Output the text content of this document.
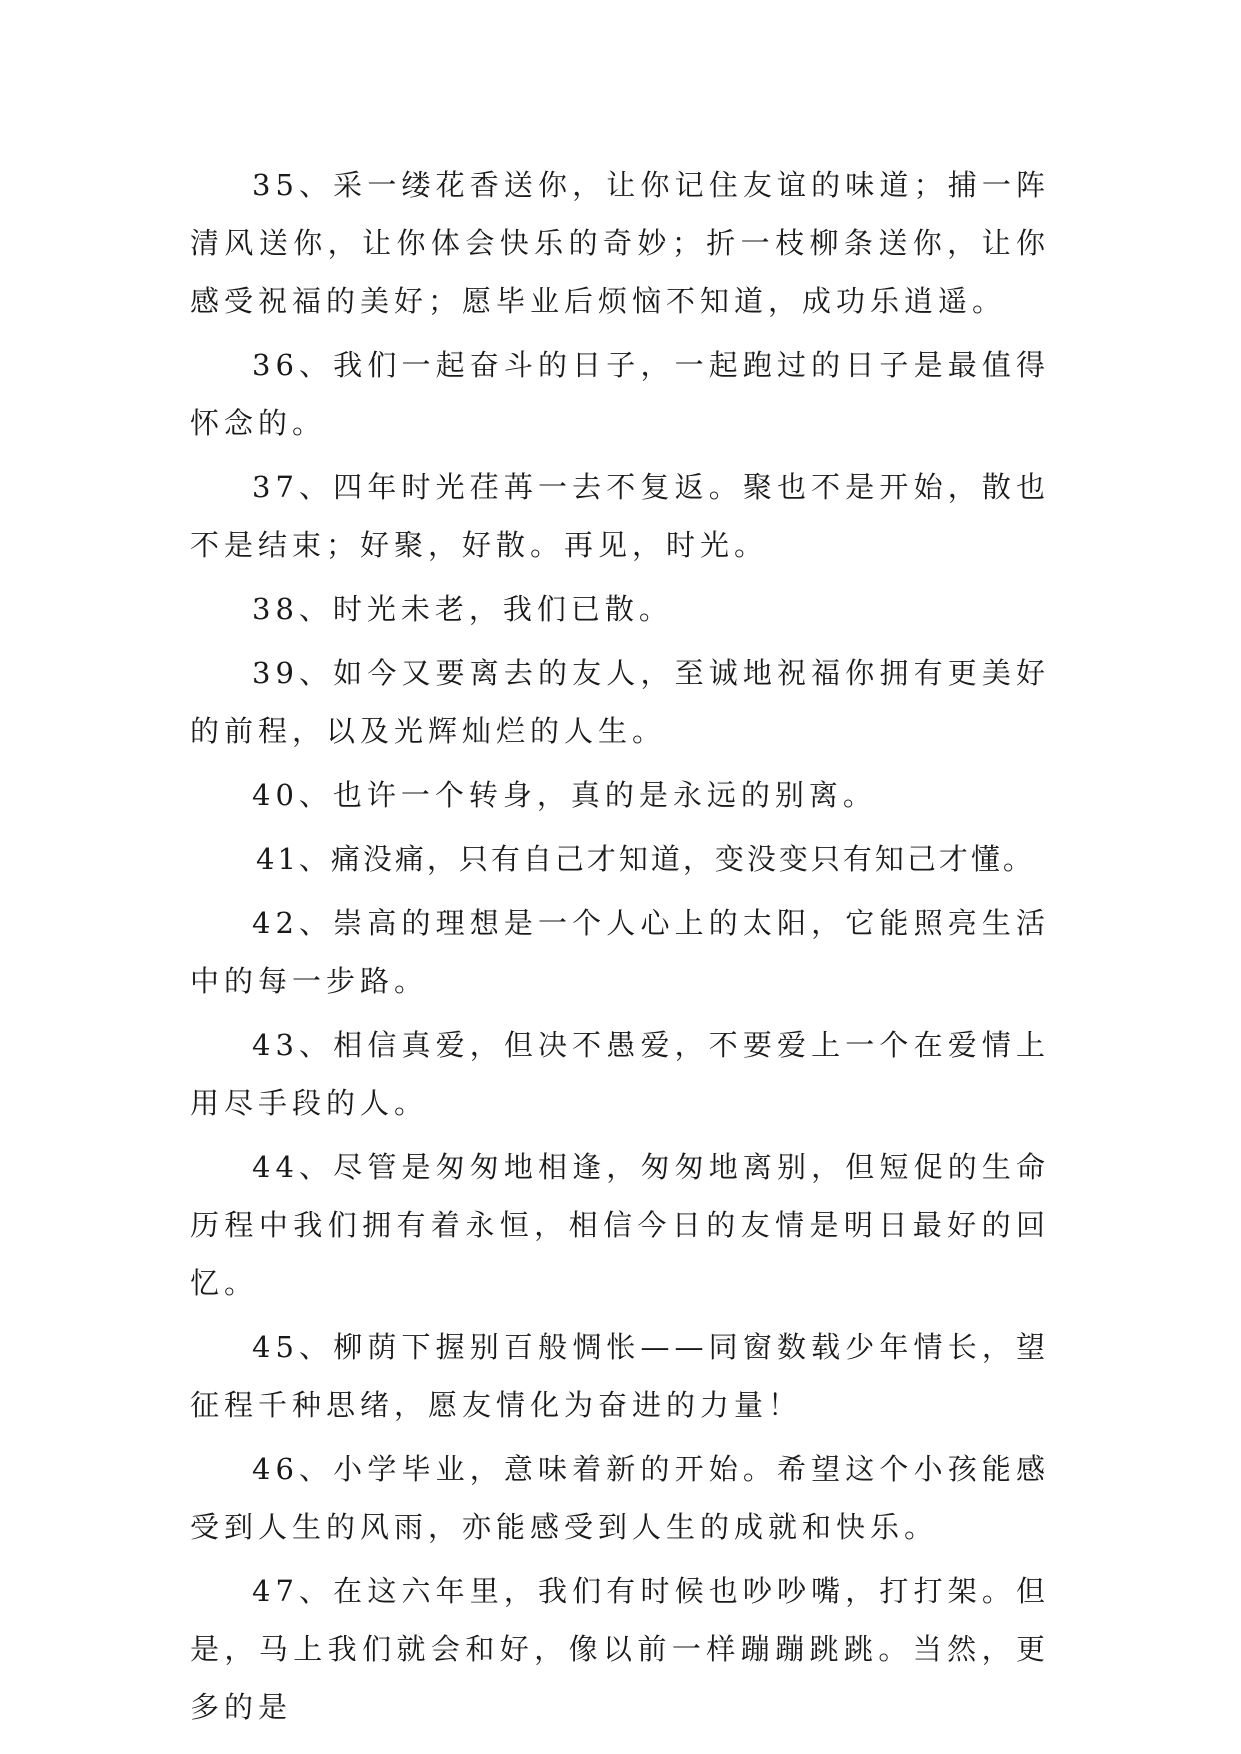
35、采一缕花香送你，让你记住友谊的味道；捕一阵清风送你，让你体会快乐的奇妙；折一枝柳条送你，让你感受祝福的美好；愿毕业后烦恼不知道，成功乐逍遥。

36、我们一起奋斗的日子，一起跑过的日子是最值得怀念的。

37、四年时光荏苒一去不复返。聚也不是开始，散也不是结束；好聚，好散。再见，时光。

38、时光未老，我们已散。

39、如今又要离去的友人，至诚地祝福你拥有更美好的前程，以及光辉灿烂的人生。

40、也许一个转身，真的是永远的别离。

41、痛没痛，只有自己才知道，变没变只有知己才懂。

42、崇高的理想是一个人心上的太阳，它能照亮生活中的每一步路。

43、相信真爱，但决不愚爱，不要爱上一个在爱情上用尽手段的人。

44、尽管是匆匆地相逢，匆匆地离别，但短促的生命历程中我们拥有着永恒，相信今日的友情是明日最好的回忆。

45、柳荫下握别百般惆怅——同窗数载少年情长，望征程千种思绪，愿友情化为奋进的力量！

46、小学毕业，意味着新的开始。希望这个小孩能感受到人生的风雨，亦能感受到人生的成就和快乐。

47、在这六年里，我们有时候也吵吵嘴，打打架。但是，马上我们就会和好，像以前一样蹦蹦跳跳。当然，更多的是
